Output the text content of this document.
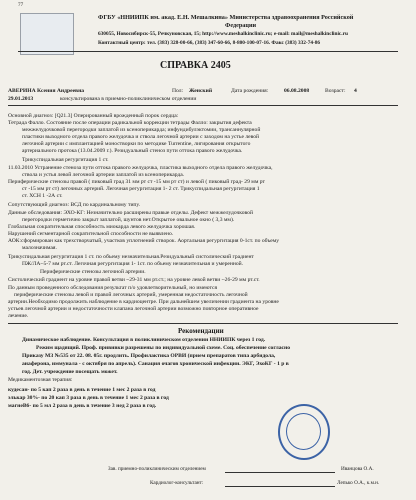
77
ФГБУ «ННИИПК им. акад. Е.Н. Мешалкина» Министерства здравоохранения Российской
Федерации
630055, Новосибирск-55, Речкуновская, 15; http://www.meshalkinclinic.ru; e-mail: mail@meshalkinclinic.ru
Контактный центр: тел. (383) 328-00-66, (383) 347-60-66, 8-800-100-07-16. Факс (383) 332-74-86
СПРАВКА 2405
АВЕРИНА Ксения Андреевна
29.01.2013
Пол: Женский	Дата рождения:	06.08.2008	Возраст: 4
консультирована в приемно-поликлиническом отделении
Основной диагноз: [Q21.3] Оперированный врожденный порок сердца:
Тетрада Фалло. Состояние после операции радикальной коррекции тетрады Фалло: закрытия дефекта
межжелудочковой перегородки заплатой из ксеноперикарда; инфундибулэктомии, трансаннулярной
пластики выходного отдела правого желудочка и ствола легочной артерии с заходом на устье левой
легочной артерии с имплантацией моностворки по методике Turrentine, лигирования открытого
артериального протока (13.04.2009 г.). Резидуальный стеноз пути оттока правого желудочка.
Трикуспидальная регургитация 1 ст.
11.03.2010 Устранение стеноза пути оттока правого желудочка, пластика выходного отдела правого желудочка,
ствола и устья левой легочной артерии заплатой из ксеноперикарда.
Периферические стенозы правой ( пиковый град 31 мм рт ст -15 мм рт ст) и левой ( пиковый град- 29 мм рт
ст -15 мм рт ст) легочных артерий. Легочная регургитация 1- 2 ст. Трикуспидальная регургитация 1
ст. ХСН 1 -2А ст.
Сопутствующий диагноз: ВСД по кардинальному типу.
Данные обследования: ЭХО-КГ: Незначительно расширены правые отделы. Дефект межжелудочковой
перегородки герметично закрыт заплатой, шунтов нет.Открытое овальное окно ( 3,3 мм).
Глобальная сократительная способность миокарда левого желудочка хорошая.
Нарушений сегментарной сократительной способности не выявлено.
АОК:сформирован как трехстворчатый, участков уплотнений створок. Аортальная регургитация 0-1ст. по объему
малозначимая.
Трикуспидальная регургитация 1 ст. по объему незначительная.Резидуальный систолический градиент
ПЖ/ЛА~5-7 мм рт.ст. Легочная регургитация 1- 1ст. по объему незначительная и умеренной.
Периферические стенозы легочной артерии.
Систолический градиент на уровне правой ветви ~29-31 мм рт.ст.; на уровне левой ветви ~26-29 мм рт.ст.
По данным проведенного обследования результат п/о удовлетворительный, но имеются
периферические стенозы левой и правой легочных артерий, умеренная недостаточность легочной
артерии.Необходимо продолжить наблюдение в кардиоцентре. При дальнейшем увеличении градиента на уровне
устьев легочной артерии и недостаточности клапана легочной артерии возможно повторное оперативное
лечение.
Рекомендации
Динамическое наблюдение. Консультация в поликлиническом отделении ННИИПК через 1 год.
Режим щадящий. Проф. прививки разрешены по индивидуальной схеме. Соц. обеспечение согласно
Приказу МЗ №535 от 22. 08. 05г. продлить. Профилактика ОРВИ (прием препаратов типа арбидола,
анаферона, иммунала - с октября по апрель). Санация очагов хронической инфекции. ЭКГ, ЭхоКГ - 1 р в
год. Дет. учреждение посещать может.
Медикаментозная терапия:
кудесан- по 5 кап 2 раза в день в течение 1 мес 2 раза в год
элькар 30%- по 20 кап 3 раза в день в течение 1 мес 2 раза в год
магнеВ6- по 5 мл 2 раза в день в течение 3 нед 2 раза в год.
Зав. приемно-поликлиническим отделением	Иванцова О.А.
Кардиолог-консультант:	Лепько О.А., к.м.н.
